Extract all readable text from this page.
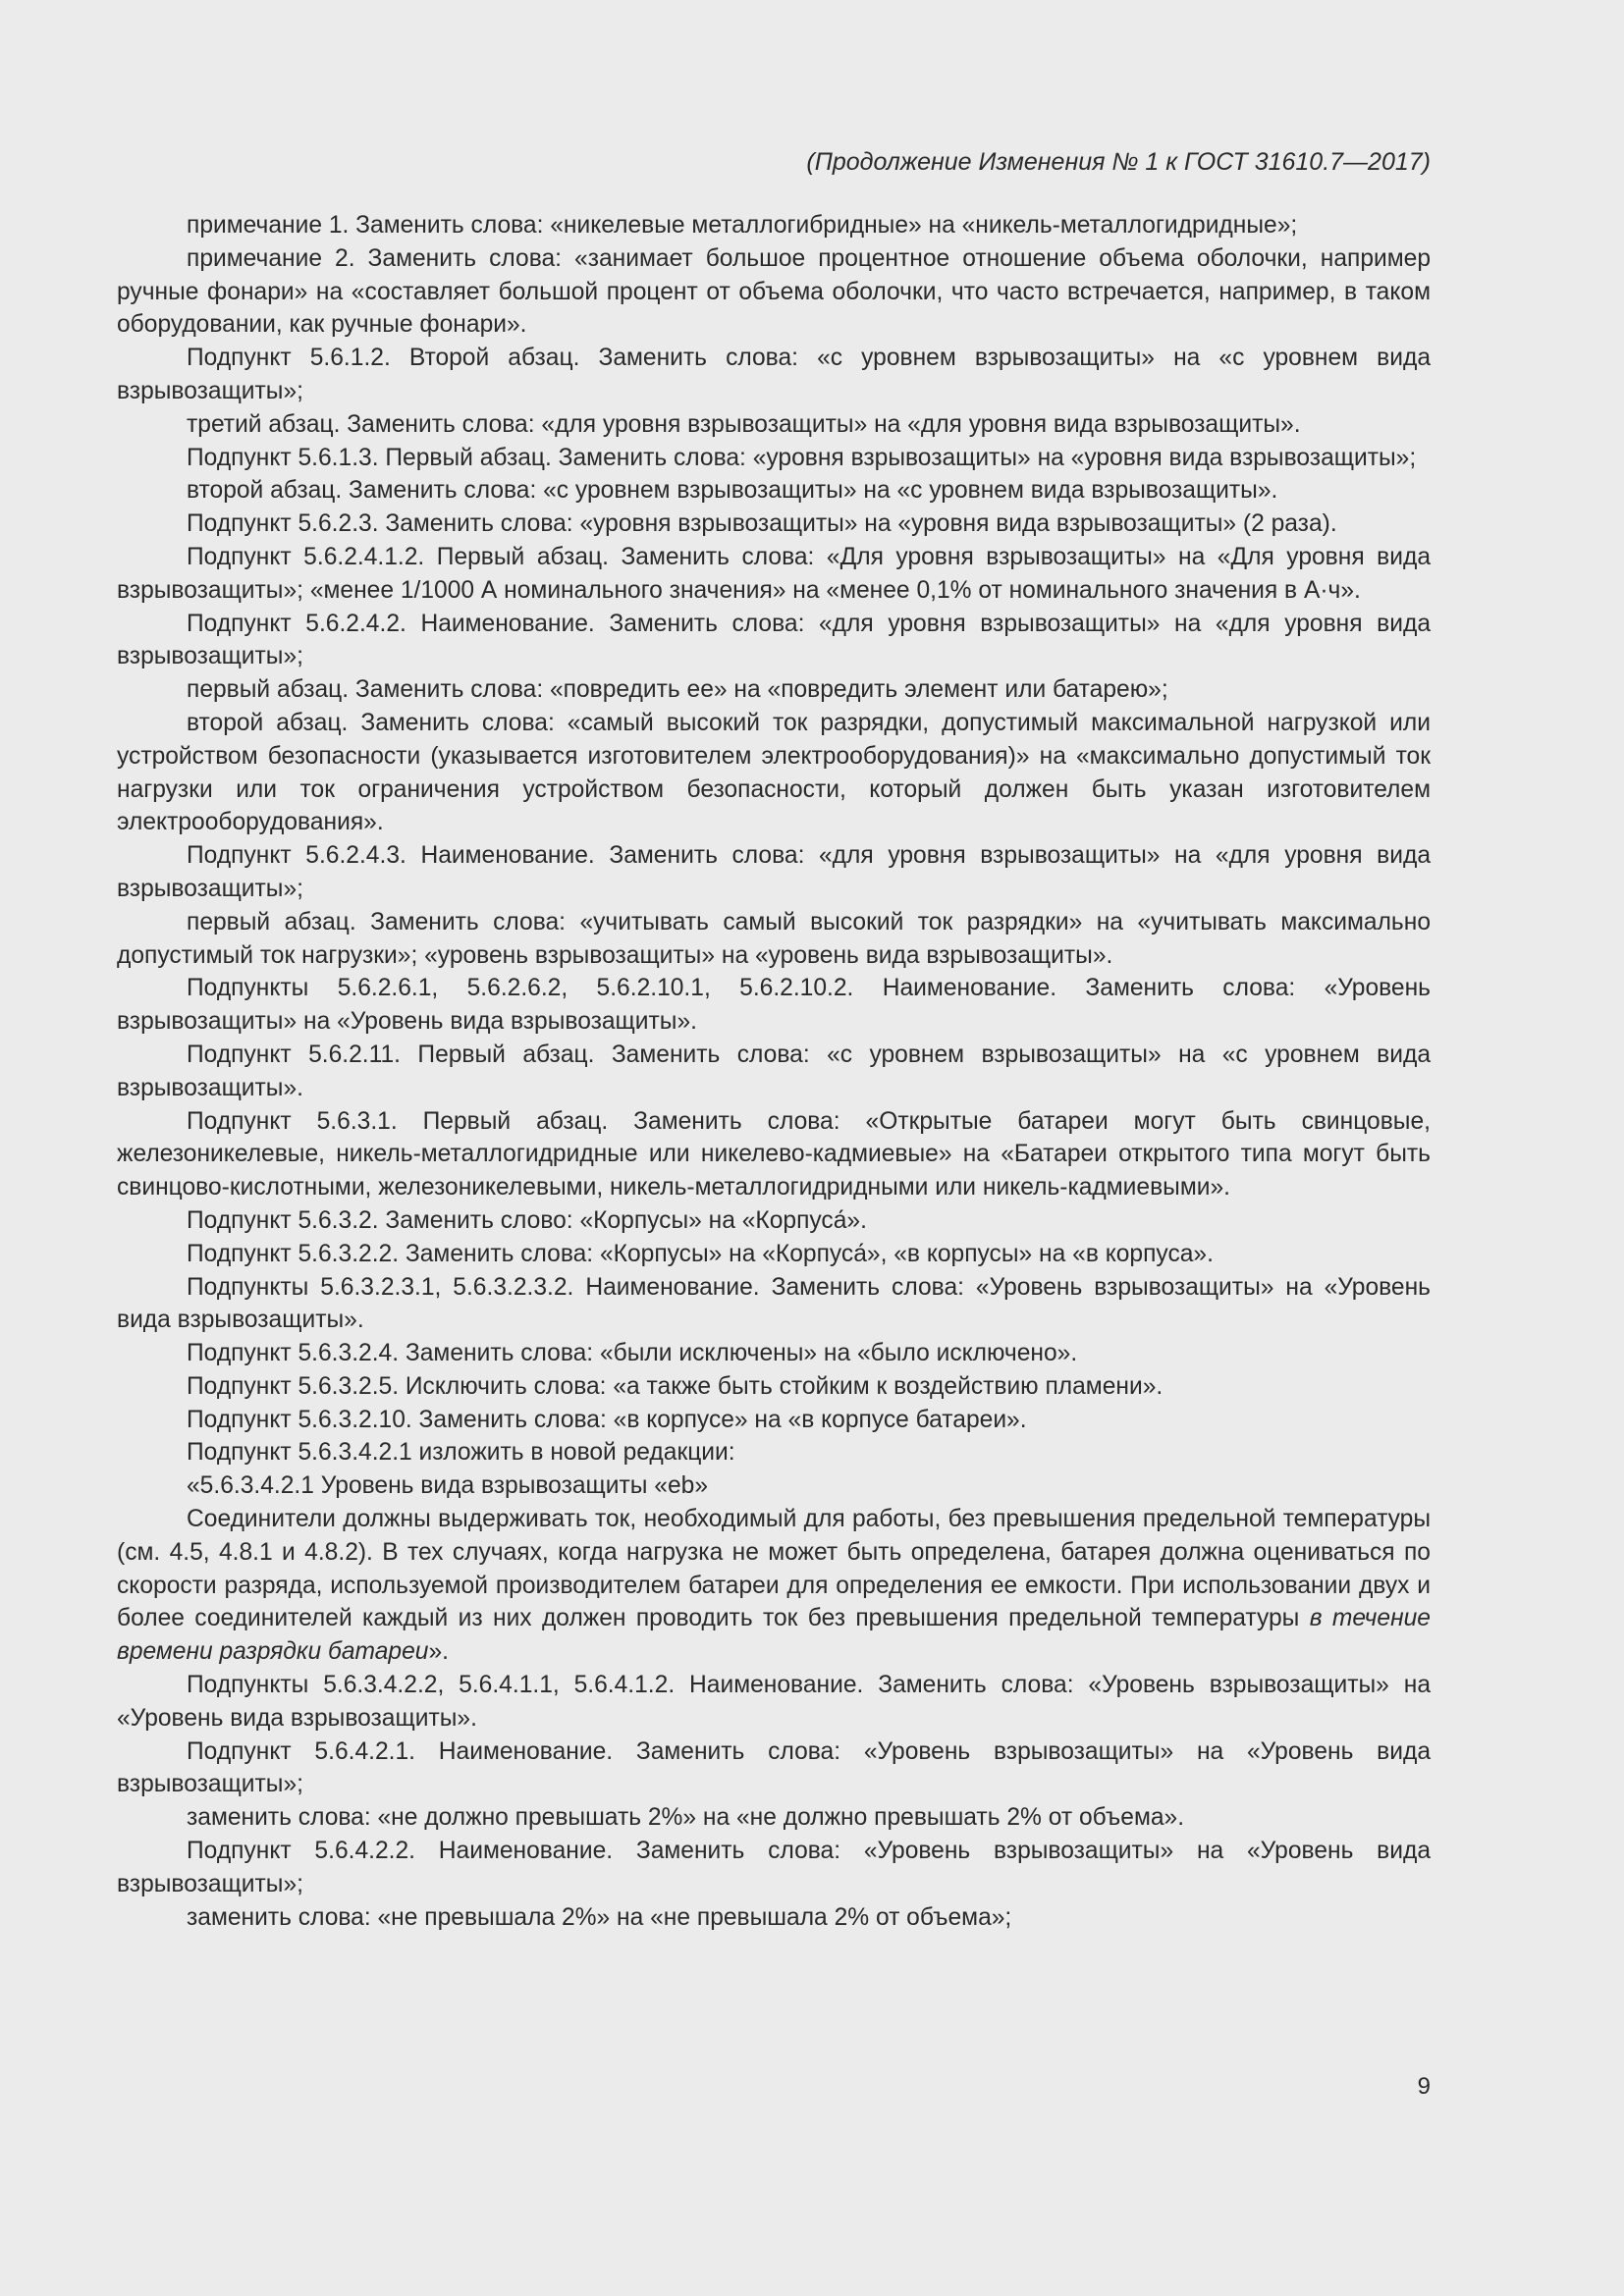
(Продолжение Изменения № 1 к ГОСТ 31610.7—2017)

примечание 1. Заменить слова: «никелевые металлогибридные» на «никель-металлогидридные»;

примечание 2. Заменить слова: «занимает большое процентное отношение объема оболочки, например ручные фонари» на «составляет большой процент от объема оболочки, что часто встречается, например, в таком оборудовании, как ручные фонари».

Подпункт 5.6.1.2. Второй абзац. Заменить слова: «с уровнем взрывозащиты» на «с уровнем вида взрывозащиты»;

третий абзац. Заменить слова: «для уровня взрывозащиты» на «для уровня вида взрывозащиты».

Подпункт 5.6.1.3. Первый абзац. Заменить слова: «уровня взрывозащиты» на «уровня вида взрывозащиты»;

второй абзац. Заменить слова: «с уровнем взрывозащиты» на «с уровнем вида взрывозащиты».

Подпункт 5.6.2.3. Заменить слова: «уровня взрывозащиты» на «уровня вида взрывозащиты» (2 раза).

Подпункт 5.6.2.4.1.2. Первый абзац. Заменить слова: «Для уровня взрывозащиты» на «Для уровня вида взрывозащиты»; «менее 1/1000 А номинального значения» на «менее 0,1% от номинального значения в А·ч».

Подпункт 5.6.2.4.2. Наименование. Заменить слова: «для уровня взрывозащиты» на «для уровня вида взрывозащиты»;

первый абзац. Заменить слова: «повредить ее» на «повредить элемент или батарею»;

второй абзац. Заменить слова: «самый высокий ток разрядки, допустимый максимальной нагрузкой или устройством безопасности (указывается изготовителем электрооборудования)» на «максимально допустимый ток нагрузки или ток ограничения устройством безопасности, который должен быть указан изготовителем электрооборудования».

Подпункт 5.6.2.4.3. Наименование. Заменить слова: «для уровня взрывозащиты» на «для уровня вида взрывозащиты»;

первый абзац. Заменить слова: «учитывать самый высокий ток разрядки» на «учитывать максимально допустимый ток нагрузки»; «уровень взрывозащиты» на «уровень вида взрывозащиты».

Подпункты 5.6.2.6.1, 5.6.2.6.2, 5.6.2.10.1, 5.6.2.10.2. Наименование. Заменить слова: «Уровень взрывозащиты» на «Уровень вида взрывозащиты».

Подпункт 5.6.2.11. Первый абзац. Заменить слова: «с уровнем взрывозащиты» на «с уровнем вида взрывозащиты».

Подпункт 5.6.3.1. Первый абзац. Заменить слова: «Открытые батареи могут быть свинцовые, железоникелевые, никель-металлогидридные или никелево-кадмиевые» на «Батареи открытого типа могут быть свинцово-кислотными, железоникелевыми, никель-металлогидридными или никель-кадмиевыми».

Подпункт 5.6.3.2. Заменить слово: «Корпусы» на «Корпуса́».

Подпункт 5.6.3.2.2. Заменить слова: «Корпусы» на «Корпуса́», «в корпусы» на «в корпуса».

Подпункты 5.6.3.2.3.1, 5.6.3.2.3.2. Наименование. Заменить слова: «Уровень взрывозащиты» на «Уровень вида взрывозащиты».

Подпункт 5.6.3.2.4. Заменить слова: «были исключены» на «было исключено».

Подпункт 5.6.3.2.5. Исключить слова: «а также быть стойким к воздействию пламени».

Подпункт 5.6.3.2.10. Заменить слова: «в корпусе» на «в корпусе батареи».

Подпункт 5.6.3.4.2.1 изложить в новой редакции:

«5.6.3.4.2.1 Уровень вида взрывозащиты «eb»

Соединители должны выдерживать ток, необходимый для работы, без превышения предельной температуры (см. 4.5, 4.8.1 и 4.8.2). В тех случаях, когда нагрузка не может быть определена, батарея должна оцениваться по скорости разряда, используемой производителем батареи для определения ее емкости. При использовании двух и более соединителей каждый из них должен проводить ток без превышения предельной температуры в течение времени разрядки батареи».

Подпункты 5.6.3.4.2.2, 5.6.4.1.1, 5.6.4.1.2. Наименование. Заменить слова: «Уровень взрывозащиты» на «Уровень вида взрывозащиты».

Подпункт 5.6.4.2.1. Наименование. Заменить слова: «Уровень взрывозащиты» на «Уровень вида взрывозащиты»;

заменить слова: «не должно превышать 2%» на «не должно превышать 2% от объема».

Подпункт 5.6.4.2.2. Наименование. Заменить слова: «Уровень взрывозащиты» на «Уровень вида взрывозащиты»;

заменить слова: «не превышала 2%» на «не превышала 2% от объема»;

9
